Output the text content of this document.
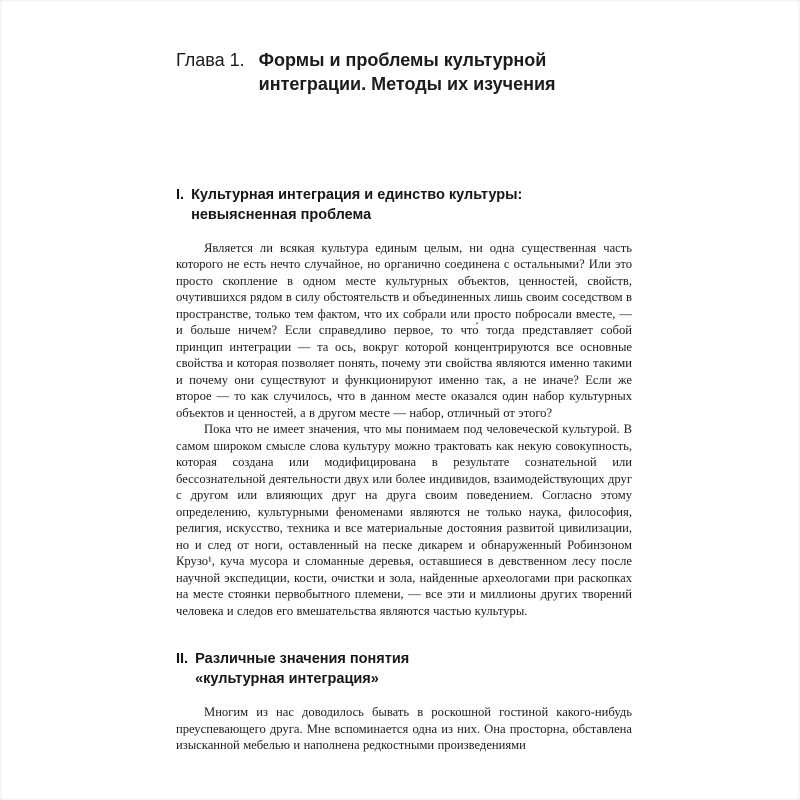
Глава 1. Формы и проблемы культурной интеграции. Методы их изучения
I. Культурная интеграция и единство культуры: невыясненная проблема

Является ли всякая культура единым целым, ни одна существенная часть которого не есть нечто случайное, но органично соединена с остальными? Или это просто скопление в одном месте культурных объектов, ценностей, свойств, очутившихся рядом в силу обстоятельств и объединенных лишь своим соседством в пространстве, только тем фактом, что их собрали или просто побросали вместе, — и больше ничем? Если справедливо первое, то что́ тогда представляет собой принцип интеграции — та ось, вокруг которой концентрируются все основные свойства и которая позволяет понять, почему эти свойства являются именно такими и почему они существуют и функционируют именно так, а не иначе? Если же второе — то как случилось, что в данном месте оказался один набор культурных объектов и ценностей, а в другом месте — набор, отличный от этого?

Пока что не имеет значения, что мы понимаем под человеческой культурой. В самом широком смысле слова культуру можно трактовать как некую совокупность, которая создана или модифицирована в результате сознательной или бессознательной деятельности двух или более индивидов, взаимодействующих друг с другом или влияющих друг на друга своим поведением. Согласно этому определению, культурными феноменами являются не только наука, философия, религия, искусство, техника и все материальные достояния развитой цивилизации, но и след от ноги, оставленный на песке дикарем и обнаруженный Робинзоном Крузо¹, куча мусора и сломанные деревья, оставшиеся в девственном лесу после научной экспедиции, кости, очистки и зола, найденные археологами при раскопках на месте стоянки первобытного племени, — все эти и миллионы других творений человека и следов его вмешательства являются частью культуры.

II. Различные значения понятия «культурная интеграция»

Многим из нас доводилось бывать в роскошной гостиной какого-нибудь преуспевающего друга. Мне вспоминается одна из них. Она просторна, обставлена изысканной мебелью и наполнена редкостными произведениями
